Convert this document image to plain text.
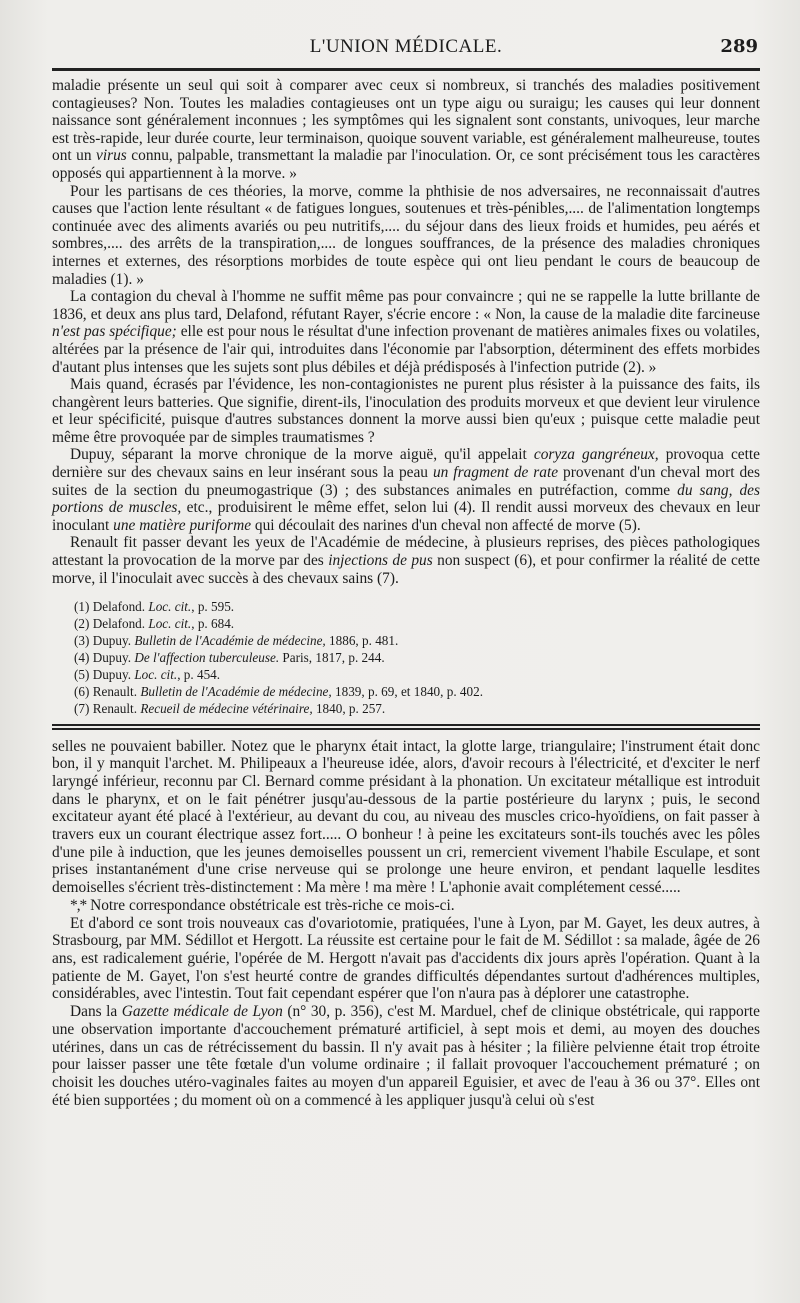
L'UNION MÉDICALE.	289

maladie présente un seul qui soit à comparer avec ceux si nombreux, si tranchés des maladies positivement contagieuses? Non. Toutes les maladies contagieuses ont un type aigu ou suraigu; les causes qui leur donnent naissance sont généralement inconnues ; les symptômes qui les signalent sont constants, univoques, leur marche est très-rapide, leur durée courte, leur terminaison, quoique souvent variable, est généralement malheureuse, toutes ont un virus connu, palpable, transmettant la maladie par l'inoculation. Or, ce sont précisément tous les caractères opposés qui appartiennent à la morve. »

Pour les partisans de ces théories, la morve, comme la phthisie de nos adversaires, ne reconnaissait d'autres causes que l'action lente résultant « de fatigues longues, soutenues et très-pénibles,.... de l'alimentation longtemps continuée avec des aliments avariés ou peu nutritifs,.... du séjour dans des lieux froids et humides, peu aérés et sombres,.... des arrêts de la transpiration,.... de longues souffrances, de la présence des maladies chroniques internes et externes, des résorptions morbides de toute espèce qui ont lieu pendant le cours de beaucoup de maladies (1). »

La contagion du cheval à l'homme ne suffit même pas pour convaincre ; qui ne se rappelle la lutte brillante de 1836, et deux ans plus tard, Delafond, réfutant Rayer, s'écrie encore : « Non, la cause de la maladie dite farcineuse n'est pas spécifique; elle est pour nous le résultat d'une infection provenant de matières animales fixes ou volatiles, altérées par la présence de l'air qui, introduites dans l'économie par l'absorption, déterminent des effets morbides d'autant plus intenses que les sujets sont plus débiles et déjà prédisposés à l'infection putride (2). »

Mais quand, écrasés par l'évidence, les non-contagionistes ne purent plus résister à la puissance des faits, ils changèrent leurs batteries. Que signifie, dirent-ils, l'inoculation des produits morveux et que devient leur virulence et leur spécificité, puisque d'autres substances donnent la morve aussi bien qu'eux ; puisque cette maladie peut même être provoquée par de simples traumatismes ?

Dupuy, séparant la morve chronique de la morve aiguë, qu'il appelait coryza gangréneux, provoqua cette dernière sur des chevaux sains en leur insérant sous la peau un fragment de rate provenant d'un cheval mort des suites de la section du pneumogastrique (3) ; des substances animales en putréfaction, comme du sang, des portions de muscles, etc., produisirent le même effet, selon lui (4). Il rendit aussi morveux des chevaux en leur inoculant une matière puriforme qui découlait des narines d'un cheval non affecté de morve (5).

Renault fit passer devant les yeux de l'Académie de médecine, à plusieurs reprises, des pièces pathologiques attestant la provocation de la morve par des injections de pus non suspect (6), et pour confirmer la réalité de cette morve, il l'inoculait avec succès à des chevaux sains (7).

(1) Delafond. Loc. cit., p. 595.
(2) Delafond. Loc. cit., p. 684.
(3) Dupuy. Bulletin de l'Académie de médecine, 1886, p. 481.
(4) Dupuy. De l'affection tuberculeuse. Paris, 1817, p. 244.
(5) Dupuy. Loc. cit., p. 454.
(6) Renault. Bulletin de l'Académie de médecine, 1839, p. 69, et 1840, p. 402.
(7) Renault. Recueil de médecine vétérinaire, 1840, p. 257.

selles ne pouvaient babiller. Notez que le pharynx était intact, la glotte large, triangulaire; l'instrument était donc bon, il y manquit l'archet. M. Philipeaux a l'heureuse idée, alors, d'avoir recours à l'électricité, et d'exciter le nerf laryngé inférieur, reconnu par Cl. Bernard comme présidant à la phonation. Un excitateur métallique est introduit dans le pharynx, et on le fait pénétrer jusqu'au-dessous de la partie postérieure du larynx ; puis, le second excitateur ayant été placé à l'extérieur, au devant du cou, au niveau des muscles crico-hyoïdiens, on fait passer à travers eux un courant électrique assez fort..... O bonheur ! à peine les excitateurs sont-ils touchés avec les pôles d'une pile à induction, que les jeunes demoiselles poussent un cri, remercient vivement l'habile Esculape, et sont prises instantanément d'une crise nerveuse qui se prolonge une heure environ, et pendant laquelle lesdites demoiselles s'écrient très-distinctement : Ma mère ! ma mère ! L'aphonie avait complétement cessé.....

*,* Notre correspondance obstétricale est très-riche ce mois-ci.

Et d'abord ce sont trois nouveaux cas d'ovariotomie, pratiquées, l'une à Lyon, par M. Gayet, les deux autres, à Strasbourg, par MM. Sédillot et Hergott. La réussite est certaine pour le fait de M. Sédillot : sa malade, âgée de 26 ans, est radicalement guérie, l'opérée de M. Hergott n'avait pas d'accidents dix jours après l'opération. Quant à la patiente de M. Gayet, l'on s'est heurté contre de grandes difficultés dépendantes surtout d'adhérences multiples, considérables, avec l'intestin. Tout fait cependant espérer que l'on n'aura pas à déplorer une catastrophe.

Dans la Gazette médicale de Lyon (n° 30, p. 356), c'est M. Marduel, chef de clinique obstétricale, qui rapporte une observation importante d'accouchement prématuré artificiel, à sept mois et demi, au moyen des douches utérines, dans un cas de rétrécissement du bassin. Il n'y avait pas à hésiter ; la filière pelvienne était trop étroite pour laisser passer une tête fœtale d'un volume ordinaire ; il fallait provoquer l'accouchement prématuré ; on choisit les douches utéro-vaginales faites au moyen d'un appareil Eguisier, et avec de l'eau à 36 ou 37°. Elles ont été bien supportées ; du moment où on a commencé à les appliquer jusqu'à celui où s'est
